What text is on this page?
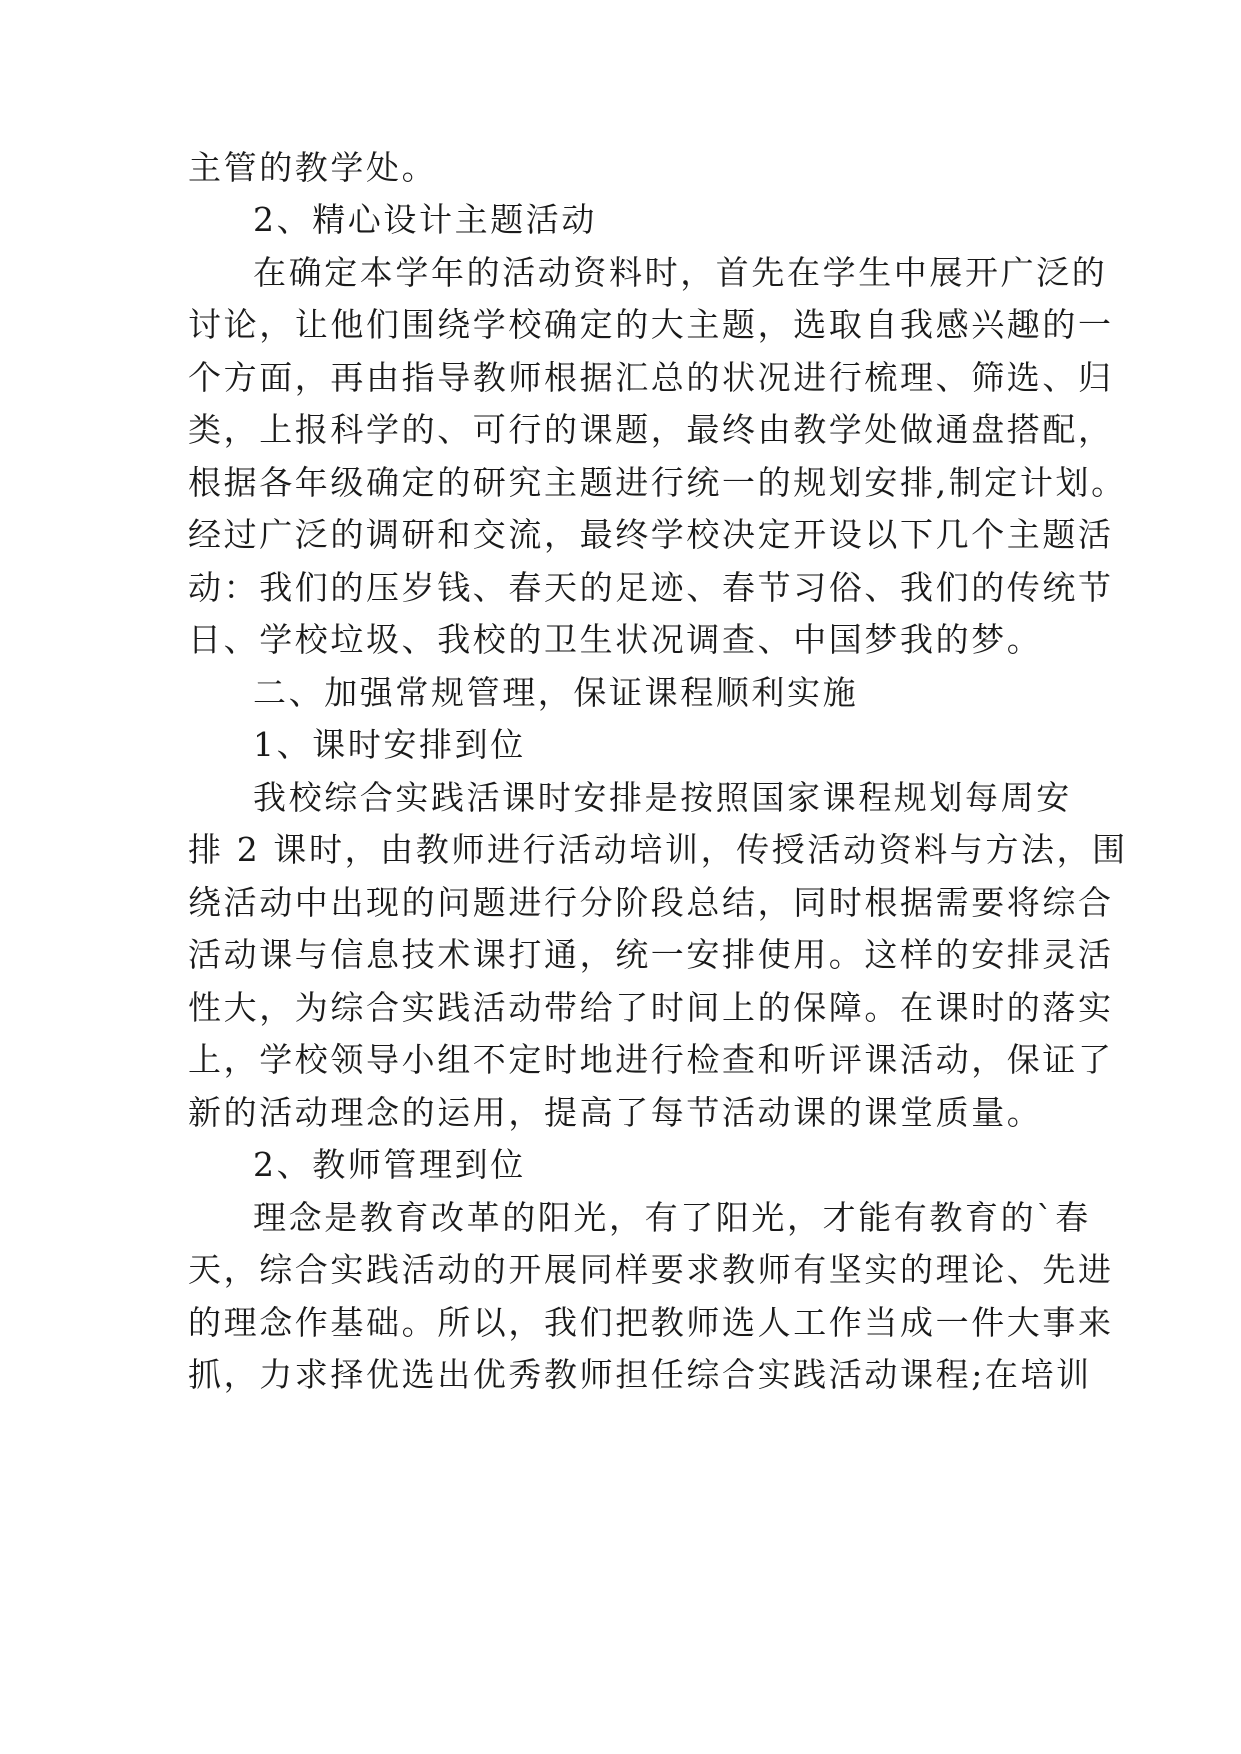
主管的教学处。
2、精心设计主题活动
在确定本学年的活动资料时，首先在学生中展开广泛的
讨论，让他们围绕学校确定的大主题，选取自我感兴趣的一
个方面，再由指导教师根据汇总的状况进行梳理、筛选、归
类，上报科学的、可行的课题，最终由教学处做通盘搭配，
根据各年级确定的研究主题进行统一的规划安排,制定计划。
经过广泛的调研和交流，最终学校决定开设以下几个主题活
动：我们的压岁钱、春天的足迹、春节习俗、我们的传统节
日、学校垃圾、我校的卫生状况调查、中国梦我的梦。
二、加强常规管理，保证课程顺利实施
1、课时安排到位
我校综合实践活课时安排是按照国家课程规划每周安
排 2 课时，由教师进行活动培训，传授活动资料与方法，围
绕活动中出现的问题进行分阶段总结，同时根据需要将综合
活动课与信息技术课打通，统一安排使用。这样的安排灵活
性大，为综合实践活动带给了时间上的保障。在课时的落实
上，学校领导小组不定时地进行检查和听评课活动，保证了
新的活动理念的运用，提高了每节活动课的课堂质量。
2、教师管理到位
理念是教育改革的阳光，有了阳光，才能有教育的`春
天，综合实践活动的开展同样要求教师有坚实的理论、先进
的理念作基础。所以，我们把教师选人工作当成一件大事来
抓，力求择优选出优秀教师担任综合实践活动课程;在培训
